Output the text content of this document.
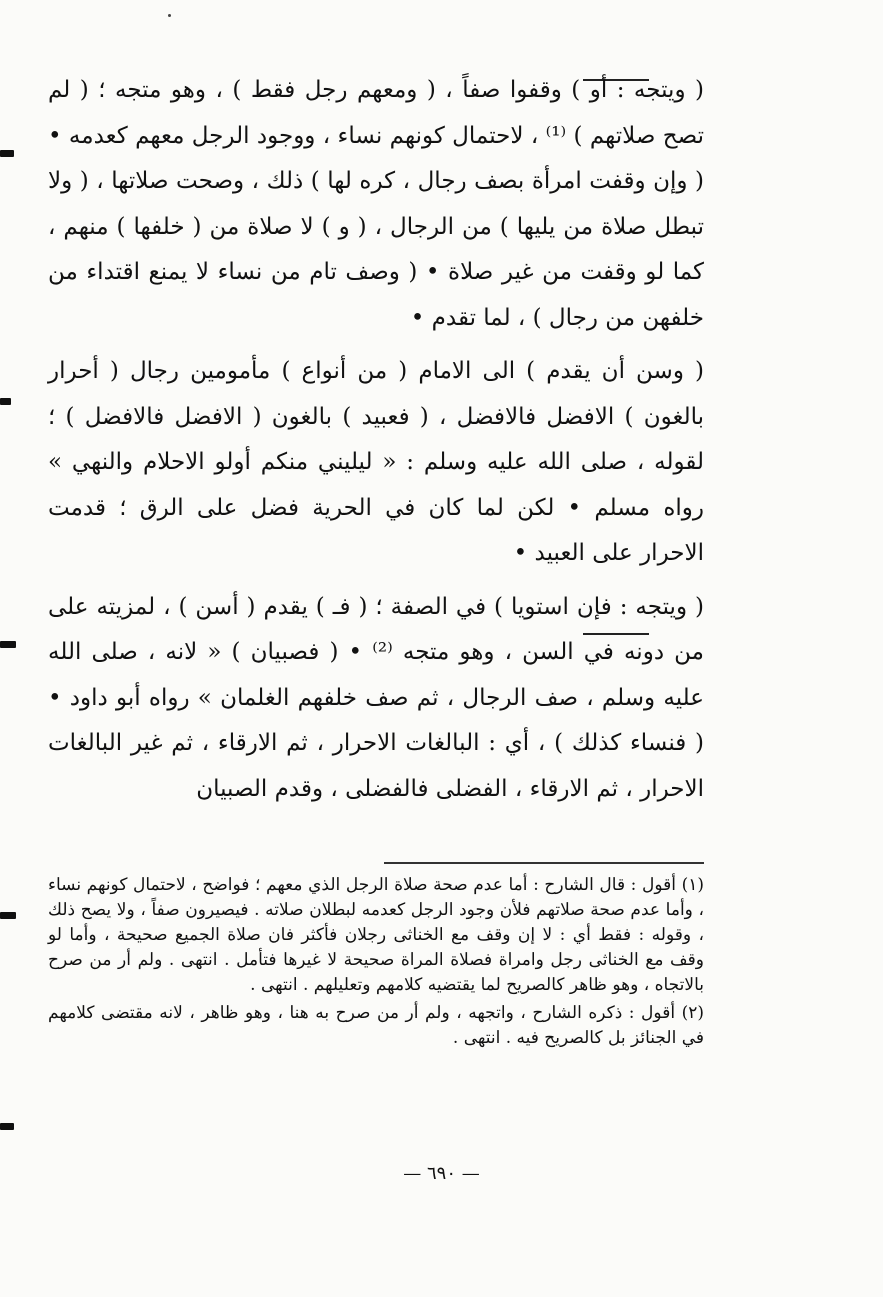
( ويتجه : أو ) وقفوا صفاً ، ( ومعهم رجل فقط ) ، وهو متجه ؛ ( لم تصح صلاتهم ) ⁽¹⁾ ، لاحتمال كونهم نساء ، ووجود الرجل معهم كعدمه • ( وإن وقفت امرأة بصف رجال ، كره لها ) ذلك ، وصحت صلاتها ، ( ولا تبطل صلاة من يليها ) من الرجال ، ( و ) لا صلاة من ( خلفها ) منهم ، كما لو وقفت من غير صلاة • ( وصف تام من نساء لا يمنع اقتداء من خلفهن من رجال ) ، لما تقدم •

( وسن أن يقدم ) الى الامام ( من أنواع ) مأمومين رجال ( أحرار بالغون ) الافضل فالافضل ، ( فعبيد ) بالغون ( الافضل فالافضل ) ؛ لقوله ، صلى الله عليه وسلم : « ليليني منكم أولو الاحلام والنهي » رواه مسلم • لكن لما كان في الحرية فضل على الرق ؛ قدمت الاحرار على العبيد •

( ويتجه : فإن استويا ) في الصفة ؛ ( فـ ) يقدم ( أسن ) ، لمزيته على من دونه في السن ، وهو متجه ⁽²⁾ • ( فصبيان ) « لانه ، صلى الله عليه وسلم ، صف الرجال ، ثم صف خلفهم الغلمان » رواه أبو داود • ( فنساء كذلك ) ، أي : البالغات الاحرار ، ثم الارقاء ، ثم غير البالغات الاحرار ، ثم الارقاء ، الفضلى فالفضلى ، وقدم الصبيان

(١) أقول : قال الشارح : أما عدم صحة صلاة الرجل الذي معهم ؛ فواضح ، لاحتمال كونهم نساء ، وأما عدم صحة صلاتهم فلأن وجود الرجل كعدمه لبطلان صلاته . فيصيرون صفاً ، ولا يصح ذلك ، وقوله : فقط أي : لا إن وقف مع الخناثى رجلان فأكثر فان صلاة الجميع صحيحة ، وأما لو وقف مع الخناثى رجل وامراة فصلاة المراة صحيحة لا غيرها فتأمل . انتهى . ولم أر من صرح بالاتجاه ، وهو ظاهر كالصريح لما يقتضيه كلامهم وتعليلهم . انتهى .

(٢) أقول : ذكره الشارح ، واتجهه ، ولم أر من صرح به هنا ، وهو ظاهر ، لانه مقتضى كلامهم في الجنائز بل كالصريح فيه . انتهى .

— ٦٩٠ —
